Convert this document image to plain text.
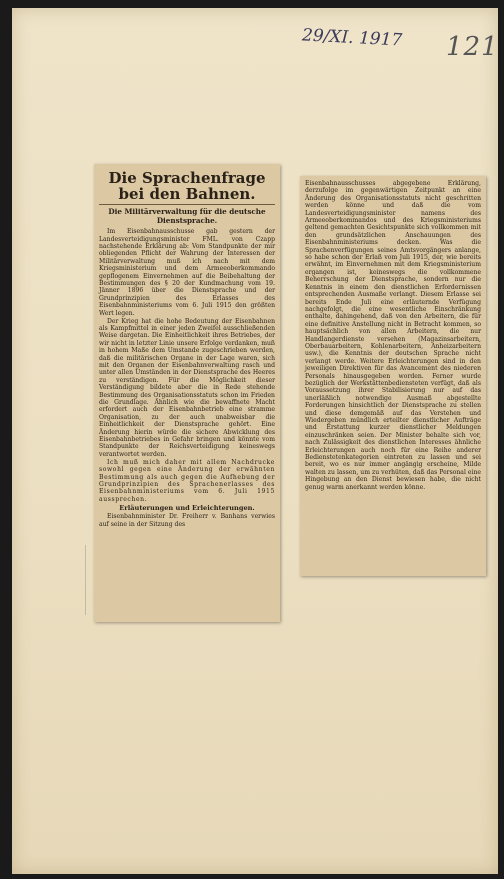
29/XI. 1917 121
Die Sprachenfrage bei den Bahnen.
Die Militärverwaltung für die deutsche Dienstsprache.

Im Eisenbahnausschusse gab gestern der Landesverteidigungsminister FML. von Czapp nachstehende Erklärung ab: Vom Standpunkte der mir obliegenden Pflicht der Wahrung der Interessen der Militärverwaltung muß ich nach mit dem Kriegsministerium und dem Armeeoberkommando gepflogenem Einvernehmen auf die Beibehaltung der Bestimmungen des § 20 der Kundmachung vom 19. Jänner 1896 über die Dienstsprache und der Grundprinzipien des Erlasses des Eisenbahnministeriums vom 6. Juli 1915 den größten Wert legen.

Der Krieg hat die hohe Bedeutung der Eisenbahnen als Kampfmittel in einer jeden Zweifel ausschließenden Weise dargetan. Die Einheitlichkeit ihres Betriebes, der wir nicht in letzter Linie unsere Erfolge verdanken, muß in hohem Maße dem Umstande zugeschrieben werden, daß die militärischen Organe in der Lage waren, sich mit den Organen der Eisenbahnverwaltung rasch und unter allen Umständen in der Dienstsprache des Heeres zu verständigen. Für die Möglichkeit dieser Verständigung bildete aber die in Rede stehende Bestimmung des Organisationsstatuts schon im Frieden die Grundlage. Ähnlich wie die bewaffnete Macht erfordert auch der Eisenbahnbetrieb eine stramme Organisation, zu der auch unabweisbar die Einheitlichkeit der Dienstsprache gehört. Eine Änderung hierin würde die sichere Abwicklung des Eisenbahnbetriebes in Gefahr bringen und könnte vom Standpunkte der Reichsverteidigung keineswegs verantwortet werden.

Ich muß mich daher mit allem Nachdrucke sowohl gegen eine Änderung der erwähnten Bestimmung als auch gegen die Aufhebung der Grundprinzipien des Sprachenerlasses des Eisenbahnministeriums vom 6. Juli 1915 aussprechen.

Erläuterungen und Erleichterungen.

Eisenbahnminister Dr. Freiherr v. Banhans verwies auf seine in der Sitzung des

Eisenbahnausschusses abgegebene Erklärung, derzufolge im gegenwärtigen Zeitpunkt an eine Änderung des Organisationsstatuts nicht geschritten werden könne und daß die vom Landesverteidigungsminister namens des Armeeoberkommandos und des Kriegsministeriums geltend gemachten Gesichtspunkte sich vollkommen mit den grundsätzlichen Anschauungen des Eisenbahnministeriums decken. Was die Sprachenverfügungen seines Amtsvorgängers anlange, so habe schon der Erlaß vom Juli 1915, der, wie bereits erwähnt, im Einvernehmen mit dem Kriegsministerium ergangen ist, keineswegs die vollkommene Beherrschung der Dienstsprache, sondern nur die Kenntnis in einem den dienstlichen Erfordernissen entsprechenden Ausmaße verlangt. Diesem Erlasse sei bereits Ende Juli eine erläuternde Verfügung nachgefolgt, die eine wesentliche Einschränkung enthalte, dahingehend, daß von den Arbeitern, die für eine definitive Anstellung nicht in Betracht kommen, so hauptsächlich von allen Arbeitern, die nur Handlangerdienste versehen (Magazinsarbeitern, Oberbauarbeitern, Kohlenarbeitern, Anheizarbeitern usw.), die Kenntnis der deutschen Sprache nicht verlangt werde. Weitere Erleichterungen sind in den jeweiligen Direktiven für das Avancement des niederen Personals hinausgegeben worden. Ferner wurde bezüglich der Werkstättenbediensteten verfügt, daß als Voraussetzung ihrer Stabilisierung nur auf das unerläßlich notwendige Ausmaß abgestellte Forderungen hinsichtlich der Dienstsprache zu stellen und diese demgemäß auf das Verstehen und Wiedergeben mündlich erteilter dienstlicher Aufträge und Erstattung kurzer dienstlicher Meldungen einzuschränken seien. Der Minister behalte sich vor, nach Zulässigkeit des dienstlichen Interesses ähnliche Erleichterungen auch noch für eine Reihe anderer Bedienstetenkategorien eintreten zu lassen und sei bereit, wo es nur immer angängig erscheine, Milde walten zu lassen, um zu verhüten, daß das Personal eine Hingebung an den Dienst bewiesen habe, die nicht genug warm anerkannt werden könne.
